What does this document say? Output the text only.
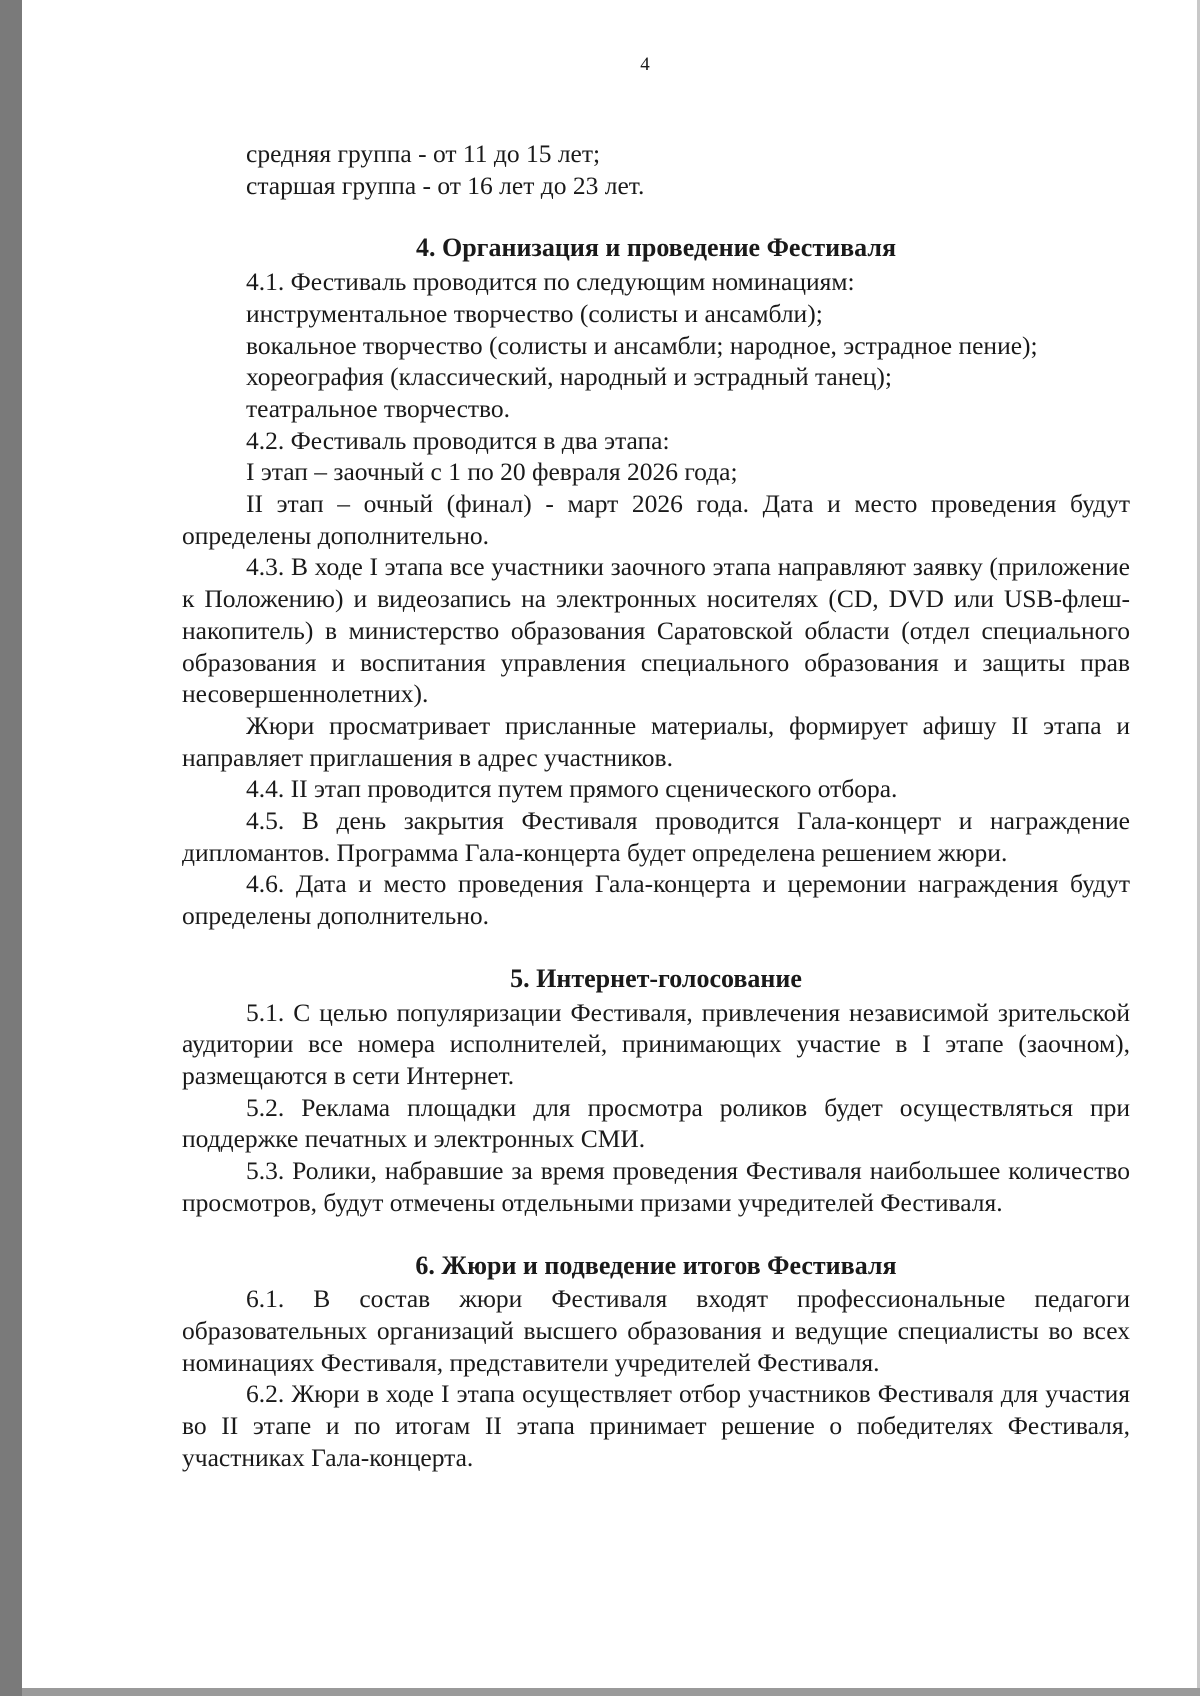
4

средняя группа - от 11 до 15 лет;

старшая группа - от 16 лет до 23 лет.

4. Организация и проведение Фестиваля

4.1. Фестиваль проводится по следующим номинациям:

инструментальное творчество (солисты и ансамбли);

вокальное творчество (солисты и ансамбли; народное, эстрадное пение);

хореография (классический, народный и эстрадный танец);

театральное творчество.

4.2. Фестиваль проводится в два этапа:

I этап – заочный с 1 по 20 февраля 2026 года;

II этап – очный (финал) - март 2026 года. Дата и место проведения будут определены дополнительно.

4.3. В ходе I этапа все участники заочного этапа направляют заявку (приложение к Положению) и видеозапись на электронных носителях (CD, DVD или USB-флеш-накопитель) в министерство образования Саратовской области (отдел специального образования и воспитания управления специального образования и защиты прав несовершеннолетних).

Жюри просматривает присланные материалы, формирует афишу II этапа и направляет приглашения в адрес участников.

4.4. II этап проводится путем прямого сценического отбора.

4.5. В день закрытия Фестиваля проводится Гала-концерт и награждение дипломантов. Программа Гала-концерта будет определена решением жюри.

4.6. Дата и место проведения Гала-концерта и церемонии награждения будут определены дополнительно.

5. Интернет-голосование

5.1. С целью популяризации Фестиваля, привлечения независимой зрительской аудитории все номера исполнителей, принимающих участие в I этапе (заочном), размещаются в сети Интернет.

5.2. Реклама площадки для просмотра роликов будет осуществляться при поддержке печатных и электронных СМИ.

5.3. Ролики, набравшие за время проведения Фестиваля наибольшее количество просмотров, будут отмечены отдельными призами учредителей Фестиваля.

6. Жюри и подведение итогов Фестиваля

6.1. В состав жюри Фестиваля входят профессиональные педагоги образовательных организаций высшего образования и ведущие специалисты во всех номинациях Фестиваля, представители учредителей Фестиваля.

6.2. Жюри в ходе I этапа осуществляет отбор участников Фестиваля для участия во II этапе и по итогам II этапа принимает решение о победителях Фестиваля, участниках Гала-концерта.
